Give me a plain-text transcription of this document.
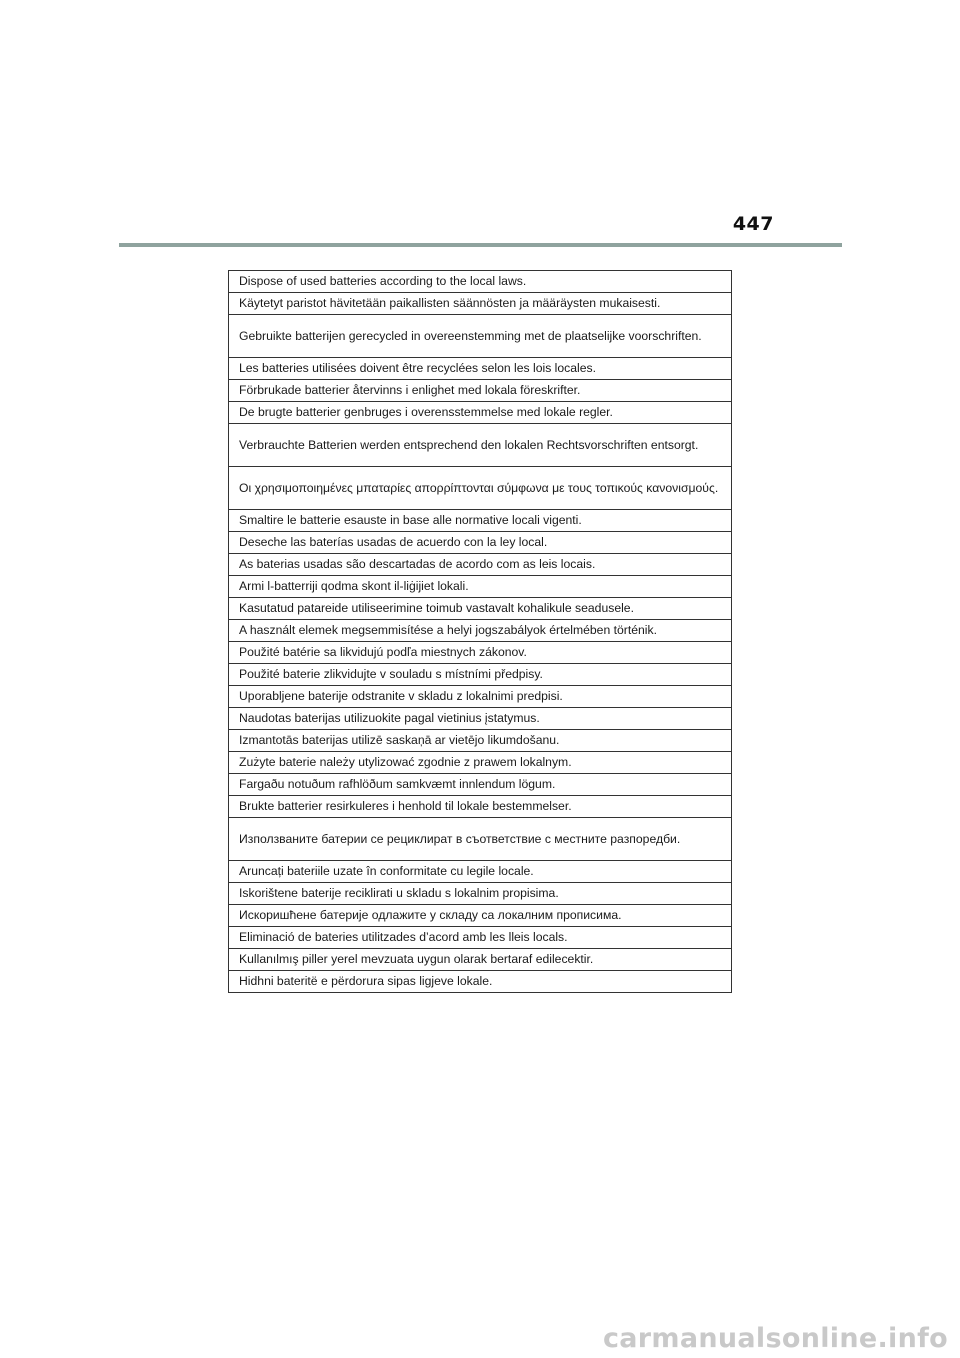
447
Dispose of used batteries according to the local laws.
Käytetyt paristot hävitetään paikallisten säännösten ja määräysten mukaisesti.
Gebruikte batterijen gerecycled in overeenstemming met de plaatselijke voorschriften.
Les batteries utilisées doivent être recyclées selon les lois locales.
Förbrukade batterier återvinns i enlighet med lokala föreskrifter.
De brugte batterier genbruges i overensstemmelse med lokale regler.
Verbrauchte Batterien werden entsprechend den lokalen Rechtsvorschriften entsorgt.
Οι χρησιμοποιημένες μπαταρίες απορρίπτονται σύμφωνα με τους τοπικούς κανονισμούς.
Smaltire le batterie esauste in base alle normative locali vigenti.
Deseche las baterías usadas de acuerdo con la ley local.
As baterias usadas são descartadas de acordo com as leis locais.
Armi l-batterriji qodma skont il-liġijiet lokali.
Kasutatud patareide utiliseerimine toimub vastavalt kohalikule seadusele.
A használt elemek megsemmisítése a helyi jogszabályok értelmében történik.
Použité batérie sa likvidujú podľa miestnych zákonov.
Použité baterie zlikvidujte v souladu s místními předpisy.
Uporabljene baterije odstranite v skladu z lokalnimi predpisi.
Naudotas baterijas utilizuokite pagal vietinius įstatymus.
Izmantotās baterijas utilizē saskaņā ar vietējo likumdošanu.
Zużyte baterie należy utylizować zgodnie z prawem lokalnym.
Fargaðu notuðum rafhlöðum samkvæmt innlendum lögum.
Brukte batterier resirkuleres i henhold til lokale bestemmelser.
Използваните батерии се рециклират в съответствие с местните разпоредби.
Aruncați bateriile uzate în conformitate cu legile locale.
Iskorištene baterije reciklirati u skladu s lokalnim propisima.
Искоришћене батерије одлажите у складу са локалним прописима.
Eliminació de bateries utilitzades d’acord amb les lleis locals.
Kullanılmış piller yerel mevzuata uygun olarak bertaraf edilecektir.
Hidhni bateritë e përdorura sipas ligjeve lokale.
carmanualsonline.info
